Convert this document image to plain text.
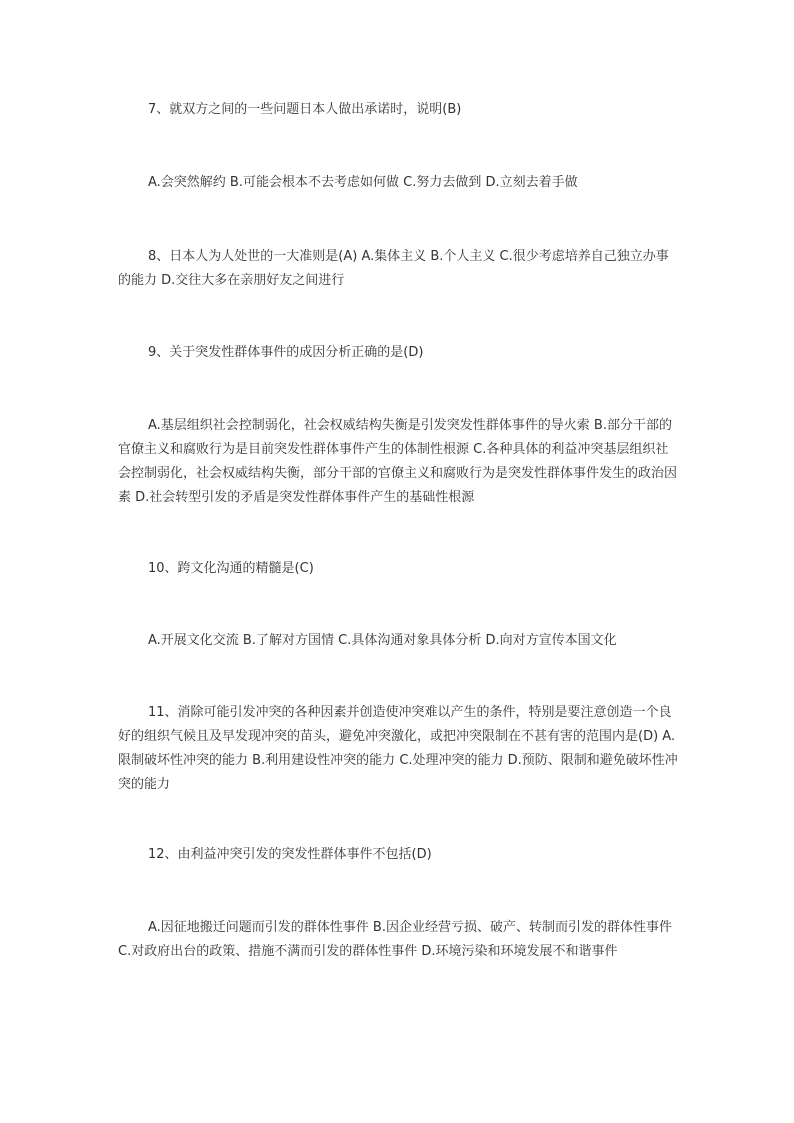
7、就双方之间的一些问题日本人做出承诺时，说明(B)

A.会突然解约 B.可能会根本不去考虑如何做 C.努力去做到 D.立刻去着手做

8、日本人为人处世的一大准则是(A) A.集体主义 B.个人主义 C.很少考虑培养自己独立办事的能力 D.交往大多在亲朋好友之间进行

9、关于突发性群体事件的成因分析正确的是(D)

A.基层组织社会控制弱化，社会权威结构失衡是引发突发性群体事件的导火索 B.部分干部的官僚主义和腐败行为是目前突发性群体事件产生的体制性根源 C.各种具体的利益冲突基层组织社会控制弱化，社会权威结构失衡，部分干部的官僚主义和腐败行为是突发性群体事件发生的政治因素 D.社会转型引发的矛盾是突发性群体事件产生的基础性根源

10、跨文化沟通的精髓是(C)

A.开展文化交流 B.了解对方国情 C.具体沟通对象具体分析 D.向对方宣传本国文化

11、消除可能引发冲突的各种因素并创造使冲突难以产生的条件，特别是要注意创造一个良好的组织气候且及早发现冲突的苗头，避免冲突激化，或把冲突限制在不甚有害的范围内是(D) A.限制破坏性冲突的能力 B.利用建设性冲突的能力 C.处理冲突的能力 D.预防、限制和避免破坏性冲突的能力

12、由利益冲突引发的突发性群体事件不包括(D)

A.因征地搬迁问题而引发的群体性事件 B.因企业经营亏损、破产、转制而引发的群体性事件 C.对政府出台的政策、措施不满而引发的群体性事件 D.环境污染和环境发展不和谐事件
